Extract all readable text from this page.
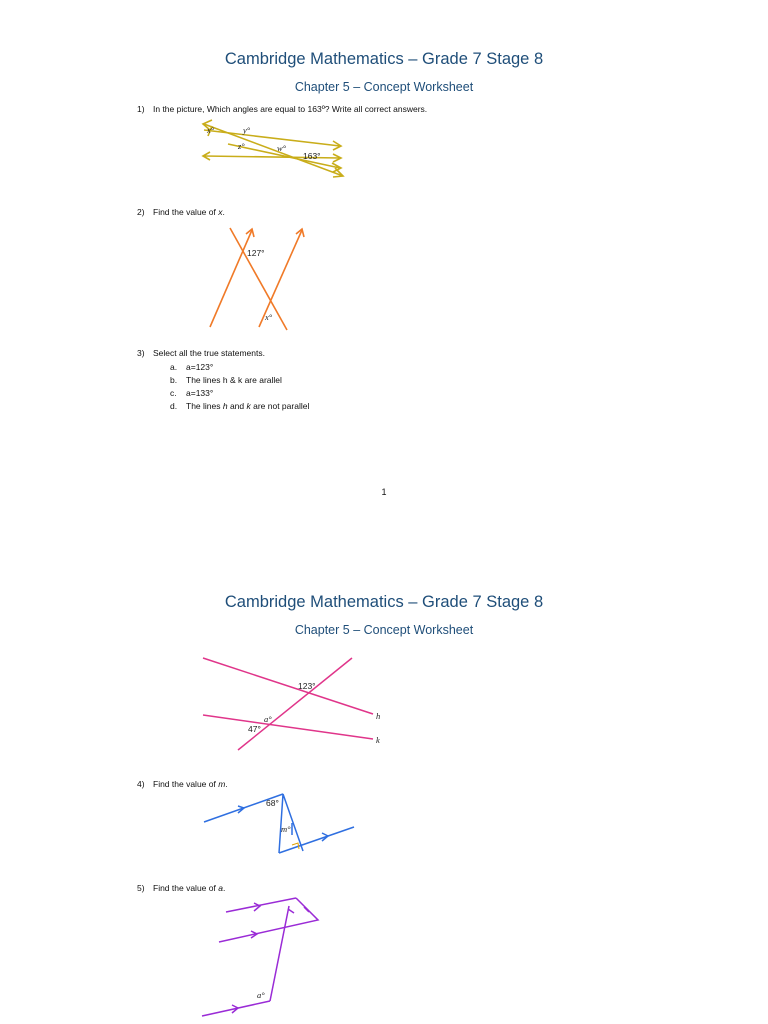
Cambridge Mathematics – Grade 7 Stage 8
Chapter 5 – Concept Worksheet
1) In the picture, Which angles are equal to 163º? Write all correct answers.
x°	y°
z°	w°
163°
2) Find the value of x.
127°
x°
3) Select all the true statements.
a. a=123°
b. The lines h & k are arallel
c. a=133°
d. The lines h and k are not parallel
1
Cambridge Mathematics – Grade 7 Stage 8
Chapter 5 – Concept Worksheet
123°
a°
47°
h
k
4) Find the value of m.
68°
m°
5) Find the value of a.
a°
